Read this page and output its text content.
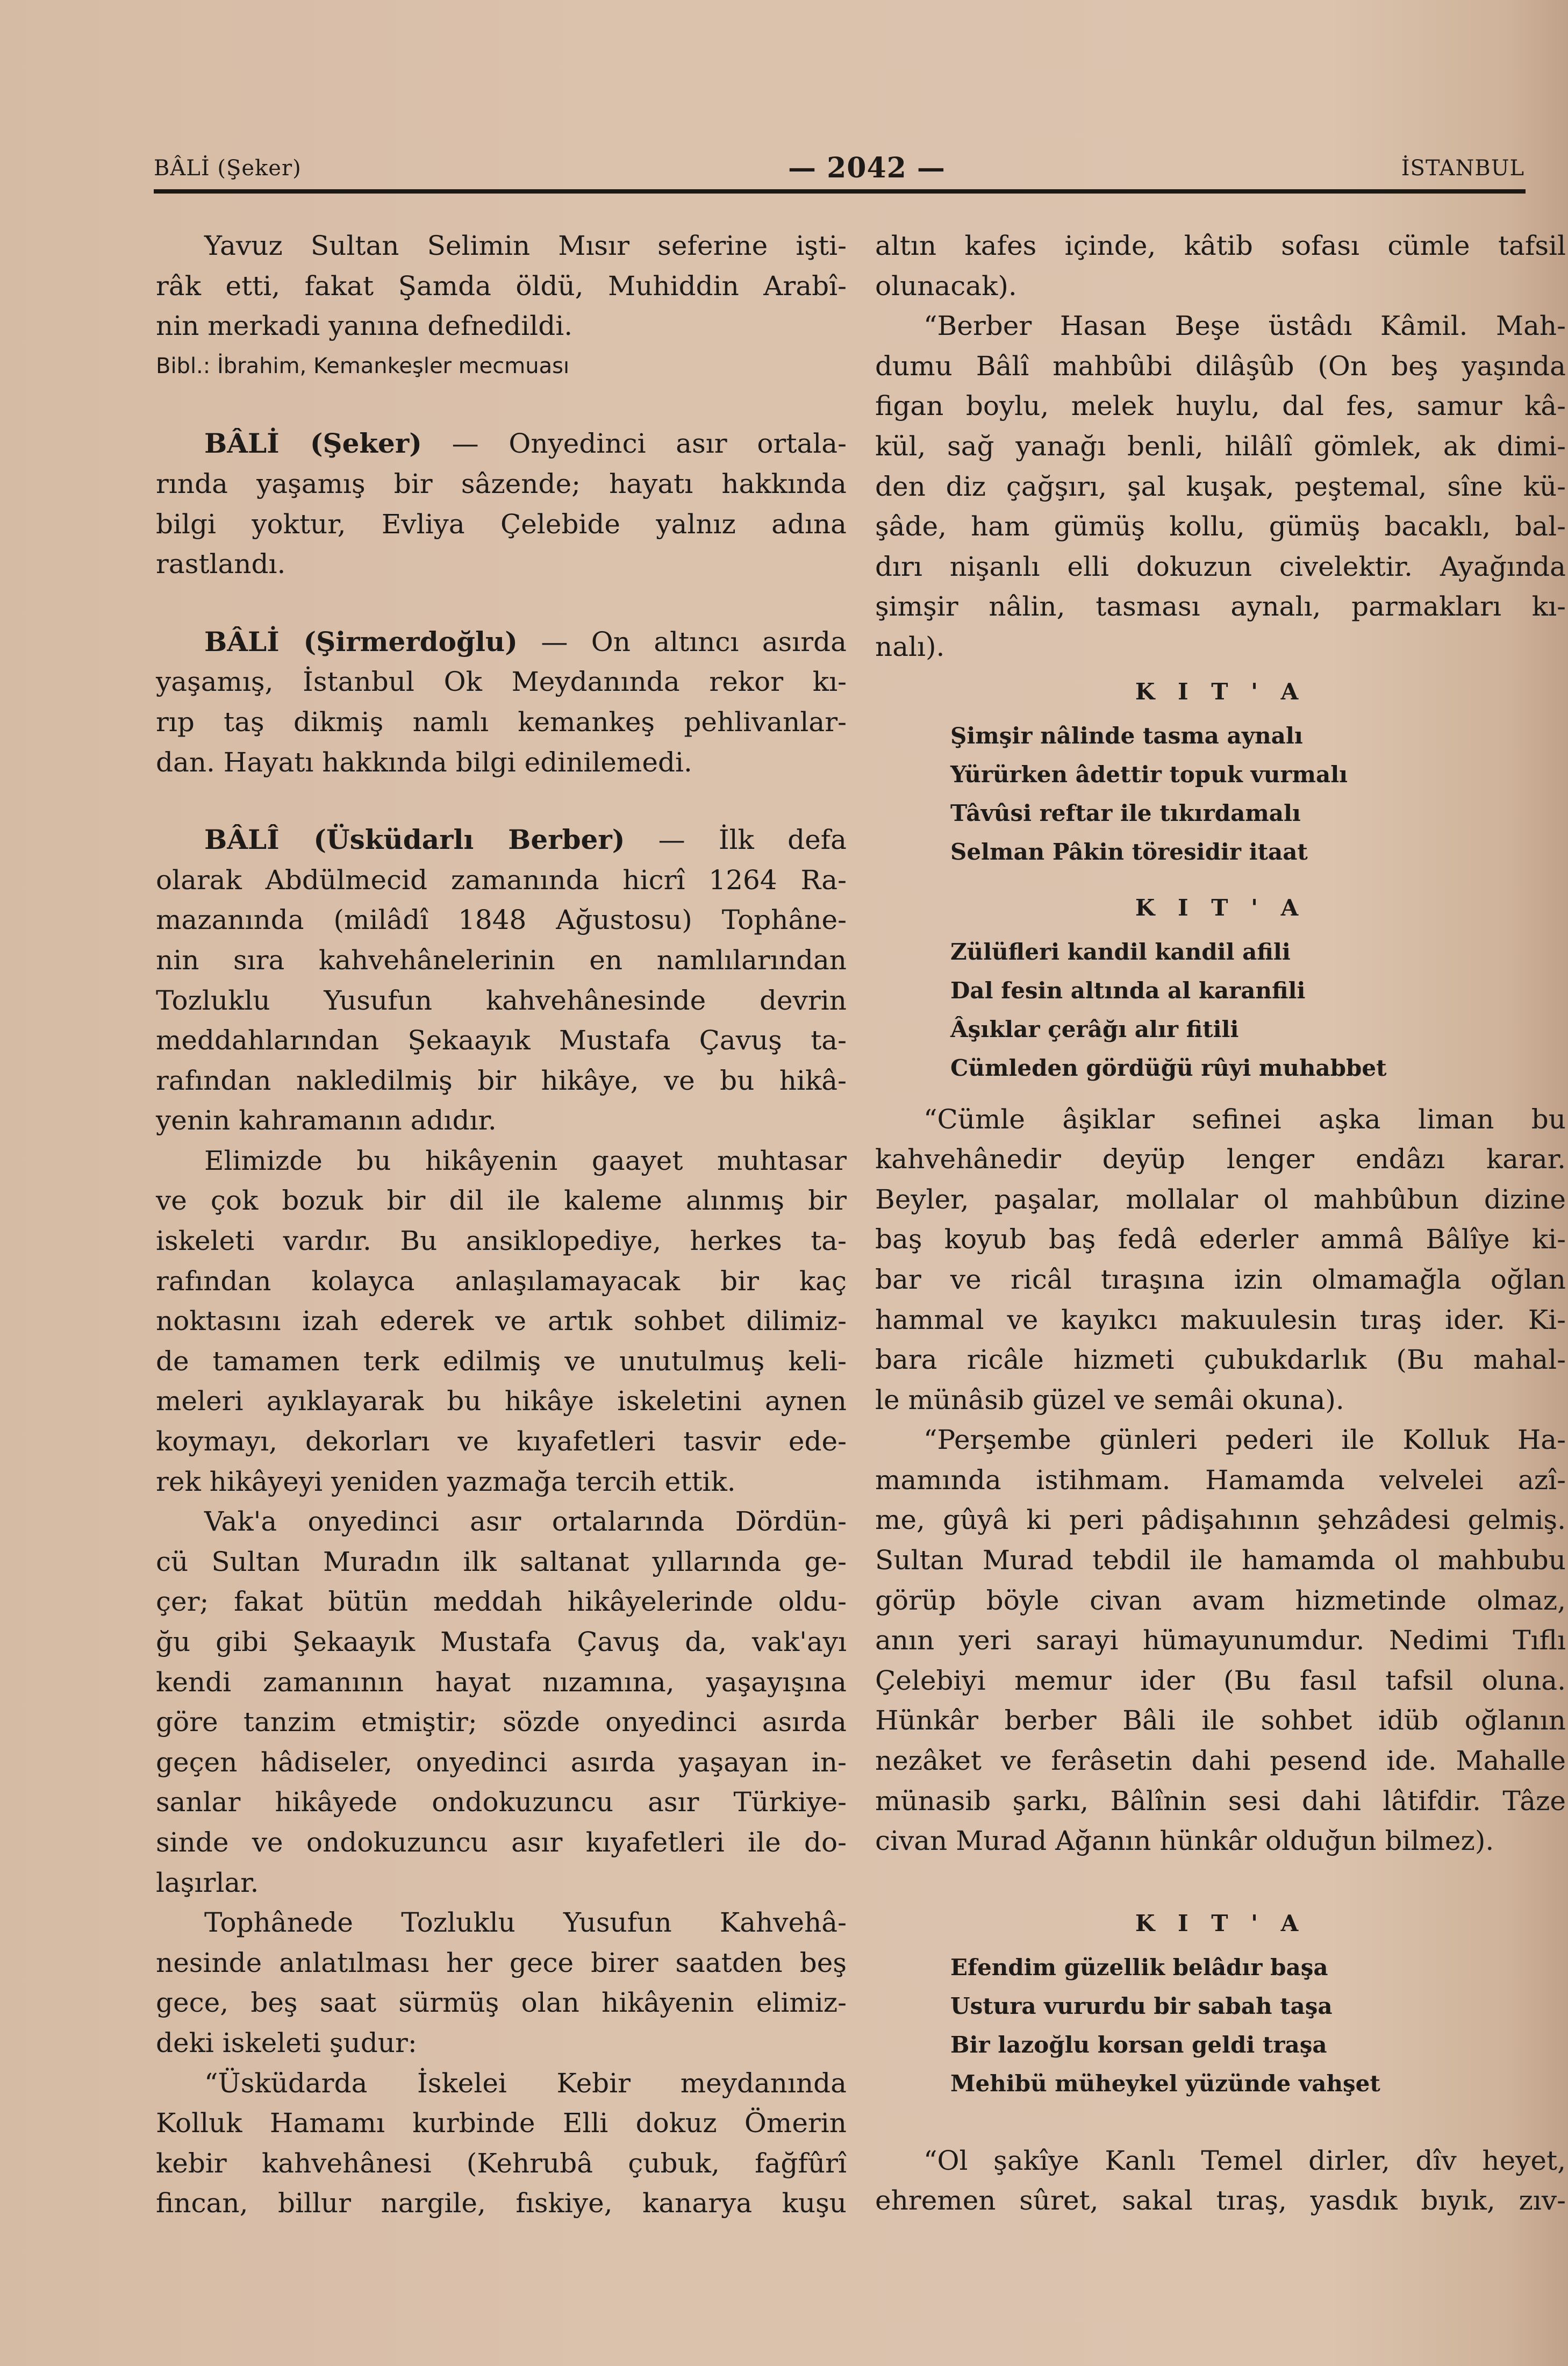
BÂLİ (Şeker)	— 2042 —	İSTANBUL
Yavuz Sultan Selimin Mısır seferine işti-
râk etti, fakat Şamda öldü, Muhiddin Arabî-
nin merkadi yanına defnedildi.
Bibl.: İbrahim, Kemankeşler mecmuası
BÂLİ (Şeker) — Onyedinci asır ortala-
rında yaşamış bir sâzende; hayatı hakkında
bilgi yoktur, Evliya Çelebide yalnız adına
rastlandı.
BÂLİ (Şirmerdoğlu) — On altıncı asırda
yaşamış, İstanbul Ok Meydanında rekor kı-
rıp taş dikmiş namlı kemankeş pehlivanlar-
dan. Hayatı hakkında bilgi edinilemedi.
BÂLÎ (Üsküdarlı Berber) — İlk defa
olarak Abdülmecid zamanında hicrî 1264 Ra-
mazanında (milâdî 1848 Ağustosu) Tophâne-
nin sıra kahvehânelerinin en namlılarından
Tozluklu Yusufun kahvehânesinde devrin
meddahlarından Şekaayık Mustafa Çavuş ta-
rafından nakledilmiş bir hikâye, ve bu hikâ-
yenin kahramanın adıdır.
Elimizde bu hikâyenin gaayet muhtasar
ve çok bozuk bir dil ile kaleme alınmış bir
iskeleti vardır. Bu ansiklopediye, herkes ta-
rafından kolayca anlaşılamayacak bir kaç
noktasını izah ederek ve artık sohbet dilimiz-
de tamamen terk edilmiş ve unutulmuş keli-
meleri ayıklayarak bu hikâye iskeletini aynen
koymayı, dekorları ve kıyafetleri tasvir ede-
rek hikâyeyi yeniden yazmağa tercih ettik.
Vak'a onyedinci asır ortalarında Dördün-
cü Sultan Muradın ilk saltanat yıllarında ge-
çer; fakat bütün meddah hikâyelerinde oldu-
ğu gibi Şekaayık Mustafa Çavuş da, vak'ayı
kendi zamanının hayat nızamına, yaşayışına
göre tanzim etmiştir; sözde onyedinci asırda
geçen hâdiseler, onyedinci asırda yaşayan in-
sanlar hikâyede ondokuzuncu asır Türkiye-
sinde ve ondokuzuncu asır kıyafetleri ile do-
laşırlar.
Tophânede Tozluklu Yusufun Kahvehâ-
nesinde anlatılması her gece birer saatden beş
gece, beş saat sürmüş olan hikâyenin elimiz-
deki iskeleti şudur:
“Üsküdarda İskelei Kebir meydanında
Kolluk Hamamı kurbinde Elli dokuz Ömerin
kebir kahvehânesi (Kehrubâ çubuk, fağfûrî
fincan, billur nargile, fıskiye, kanarya kuşu
altın kafes içinde, kâtib sofası cümle tafsil
olunacak).
“Berber Hasan Beşe üstâdı Kâmil. Mah-
dumu Bâlî mahbûbi dilâşûb (On beş yaşında
figan boylu, melek huylu, dal fes, samur kâ-
kül, sağ yanağı benli, hilâlî gömlek, ak dimi-
den diz çağşırı, şal kuşak, peştemal, sîne kü-
şâde, ham gümüş kollu, gümüş bacaklı, bal-
dırı nişanlı elli dokuzun civelektir. Ayağında
şimşir nâlin, tasması aynalı, parmakları kı-
nalı).
K I T ' A
Şimşir nâlinde tasma aynalı
Yürürken âdettir topuk vurmalı
Tâvûsi reftar ile tıkırdamalı
Selman Pâkin töresidir itaat
K I T ' A
Zülüfleri kandil kandil afili
Dal fesin altında al karanfili
Âşıklar çerâğı alır fitili
Cümleden gördüğü rûyi muhabbet
“Cümle âşiklar sefinei aşka liman bu
kahvehânedir deyüp lenger endâzı karar.
Beyler, paşalar, mollalar ol mahbûbun dizine
baş koyub baş fedâ ederler ammâ Bâlîye ki-
bar ve ricâl tıraşına izin olmamağla oğlan
hammal ve kayıkcı makuulesin tıraş ider. Ki-
bara ricâle hizmeti çubukdarlık (Bu mahal-
le münâsib güzel ve semâi okuna).
“Perşembe günleri pederi ile Kolluk Ha-
mamında istihmam. Hamamda velvelei azî-
me, gûyâ ki peri pâdişahının şehzâdesi gelmiş.
Sultan Murad tebdil ile hamamda ol mahbubu
görüp böyle civan avam hizmetinde olmaz,
anın yeri sarayi hümayunumdur. Nedimi Tıflı
Çelebiyi memur ider (Bu fasıl tafsil oluna.
Hünkâr berber Bâli ile sohbet idüb oğlanın
nezâket ve ferâsetin dahi pesend ide. Mahalle
münasib şarkı, Bâlînin sesi dahi lâtifdir. Tâze
civan Murad Ağanın hünkâr olduğun bilmez).
K I T ' A
Efendim güzellik belâdır başa
Ustura vururdu bir sabah taşa
Bir lazoğlu korsan geldi traşa
Mehibü müheykel yüzünde vahşet
“Ol şakîye Kanlı Temel dirler, dîv heyet,
ehremen sûret, sakal tıraş, yasdık bıyık, zıv-
